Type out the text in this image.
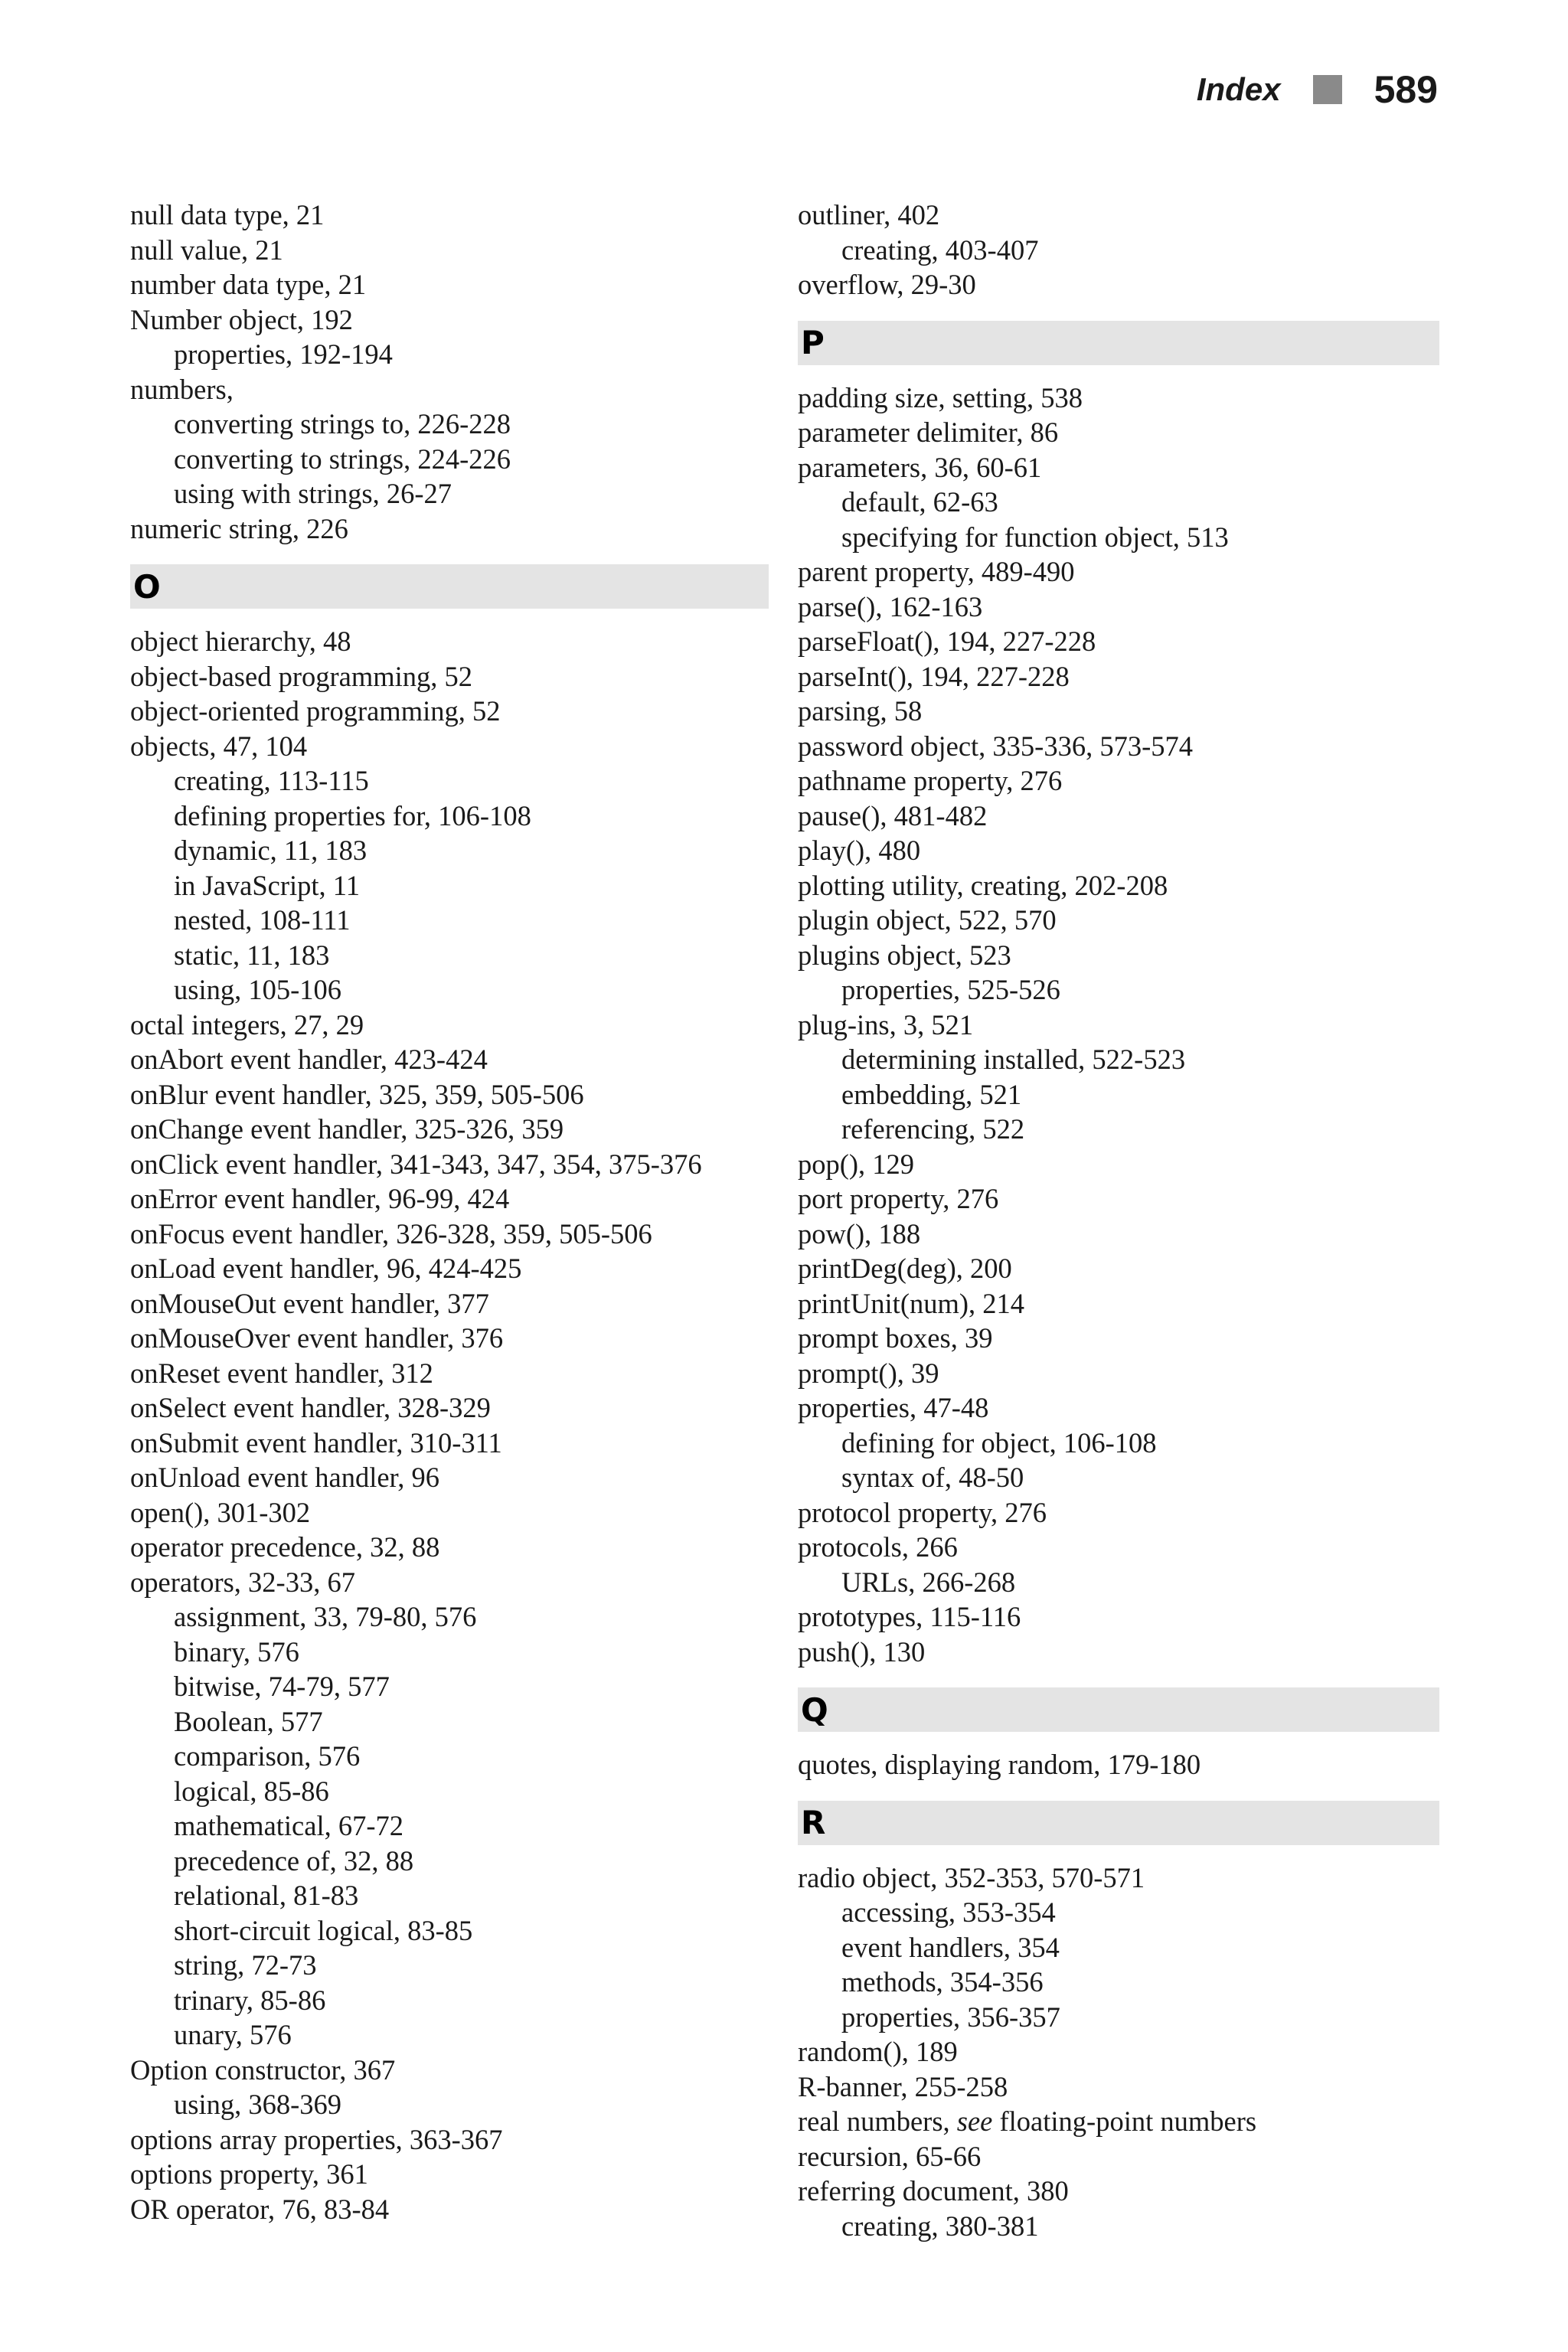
Index 589
null data type, 21
null value, 21
number data type, 21
Number object, 192
properties, 192-194
numbers,
converting strings to, 226-228
converting to strings, 224-226
using with strings, 26-27
numeric string, 226
O
object hierarchy, 48
object-based programming, 52
object-oriented programming, 52
objects, 47, 104
creating, 113-115
defining properties for, 106-108
dynamic, 11, 183
in JavaScript, 11
nested, 108-111
static, 11, 183
using, 105-106
octal integers, 27, 29
onAbort event handler, 423-424
onBlur event handler, 325, 359, 505-506
onChange event handler, 325-326, 359
onClick event handler, 341-343, 347, 354, 375-376
onError event handler, 96-99, 424
onFocus event handler, 326-328, 359, 505-506
onLoad event handler, 96, 424-425
onMouseOut event handler, 377
onMouseOver event handler, 376
onReset event handler, 312
onSelect event handler, 328-329
onSubmit event handler, 310-311
onUnload event handler, 96
open(), 301-302
operator precedence, 32, 88
operators, 32-33, 67
assignment, 33, 79-80, 576
binary, 576
bitwise, 74-79, 577
Boolean, 577
comparison, 576
logical, 85-86
mathematical, 67-72
precedence of, 32, 88
relational, 81-83
short-circuit logical, 83-85
string, 72-73
trinary, 85-86
unary, 576
Option constructor, 367
using, 368-369
options array properties, 363-367
options property, 361
OR operator, 76, 83-84
outliner, 402
creating, 403-407
overflow, 29-30
P
padding size, setting, 538
parameter delimiter, 86
parameters, 36, 60-61
default, 62-63
specifying for function object, 513
parent property, 489-490
parse(), 162-163
parseFloat(), 194, 227-228
parseInt(), 194, 227-228
parsing, 58
password object, 335-336, 573-574
pathname property, 276
pause(), 481-482
play(), 480
plotting utility, creating, 202-208
plugin object, 522, 570
plugins object, 523
properties, 525-526
plug-ins, 3, 521
determining installed, 522-523
embedding, 521
referencing, 522
pop(), 129
port property, 276
pow(), 188
printDeg(deg), 200
printUnit(num), 214
prompt boxes, 39
prompt(), 39
properties, 47-48
defining for object, 106-108
syntax of, 48-50
protocol property, 276
protocols, 266
URLs, 266-268
prototypes, 115-116
push(), 130
Q
quotes, displaying random, 179-180
R
radio object, 352-353, 570-571
accessing, 353-354
event handlers, 354
methods, 354-356
properties, 356-357
random(), 189
R-banner, 255-258
real numbers, see floating-point numbers
recursion, 65-66
referring document, 380
creating, 380-381
